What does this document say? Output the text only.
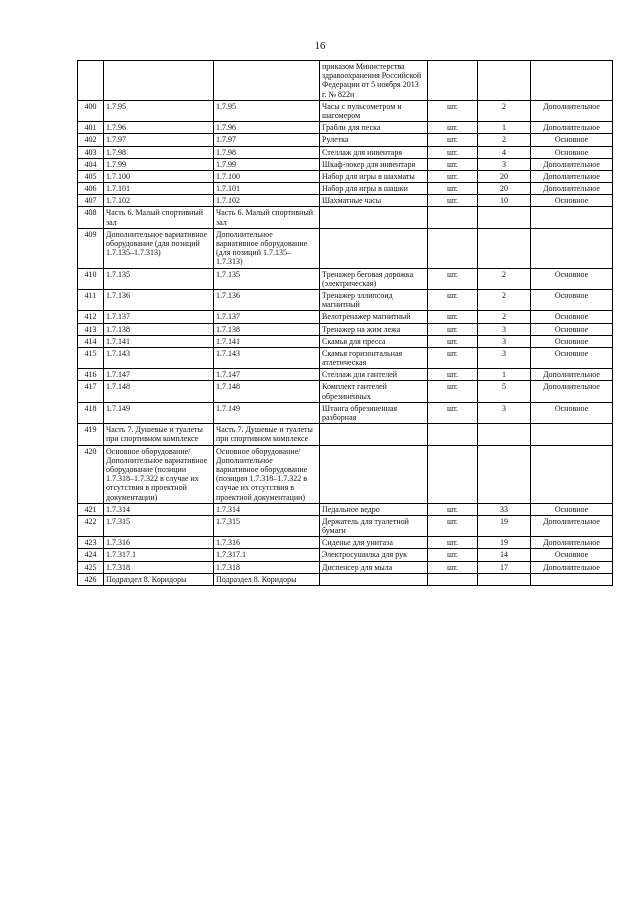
16
			приказом Министерства здравоохранения Российской Федерации от 5 ноября 2013 г. № 822н			
400	1.7.95	1.7.95	Часы с пульсометром и шагомером	шт.	2	Дополнительное
401	1.7.96	1.7.96	Грабли для песка	шт.	1	Дополнительное
402	1.7.97	1.7.97	Рулетка	шт.	2	Основное
403	1.7.98	1.7.98	Стеллаж для инвентаря	шт.	4	Основное
404	1.7.99	1.7.99	Шкаф-локер для инвентаря	шт.	3	Дополнительное
405	1.7.100	1.7.100	Набор для игры в шахматы	шт.	20	Дополнительное
406	1.7.101	1.7.101	Набор для игры в шашки	шт.	20	Дополнительное
407	1.7.102	1.7.102	Шахматные часы	шт.	10	Основное
408	Часть 6. Малый спортивный зал	Часть 6. Малый спортивный зал				
409	Дополнительное вариативное оборудование (для позиций 1.7.135–1.7.313)	Дополнительное вариативное оборудование (для позиций 1.7.135–1.7.313)				
410	1.7.135	1.7.135	Тренажер беговая дорожка (электрическая)	шт.	2	Основное
411	1.7.136	1.7.136	Тренажер эллипсоид магнитный	шт.	2	Основное
412	1.7.137	1.7.137	Велотренажер магнитный	шт.	2	Основное
413	1.7.138	1.7.138	Тренажер на жим лежа	шт.	3	Основное
414	1.7.141	1.7.141	Скамья для пресса	шт.	3	Основное
415	1.7.143	1.7.143	Скамья горизонтальная атлетическая	шт.	3	Основное
416	1.7.147	1.7.147	Стеллаж для гантелей	шт.	1	Дополнительное
417	1.7.148	1.7.148	Комплект гантелей обрезиненных	шт.	5	Дополнительное
418	1.7.149	1.7.149	Штанга обрезиненная разборная	шт.	3	Основное
419	Часть 7. Душевые и туалеты при спортивном комплексе	Часть 7. Душевые и туалеты при спортивном комплексе				
420	Основное оборудование/ Дополнительное вариативное оборудование (позиции 1.7.318–1.7.322 в случае их отсутствия в проектной документации)	Основное оборудование/ Дополнительное вариативное оборудование (позиции 1.7.318–1.7.322 в случае их отсутствия в проектной документации)				
421	1.7.314	1.7.314	Педальное ведро	шт.	33	Основное
422	1.7.315	1.7.315	Держатель для туалетной бумаги	шт.	19	Дополнительное
423	1.7.316	1.7.316	Сиденье для унитаза	шт.	19	Дополнительное
424	1.7.317.1	1.7.317.1	Электросушилка для рук	шт.	14	Основное
425	1.7.318	1.7.318	Диспенсер для мыла	шт.	17	Дополнительное
426	Подраздел 8. Коридоры	Подраздел 8. Коридоры				
